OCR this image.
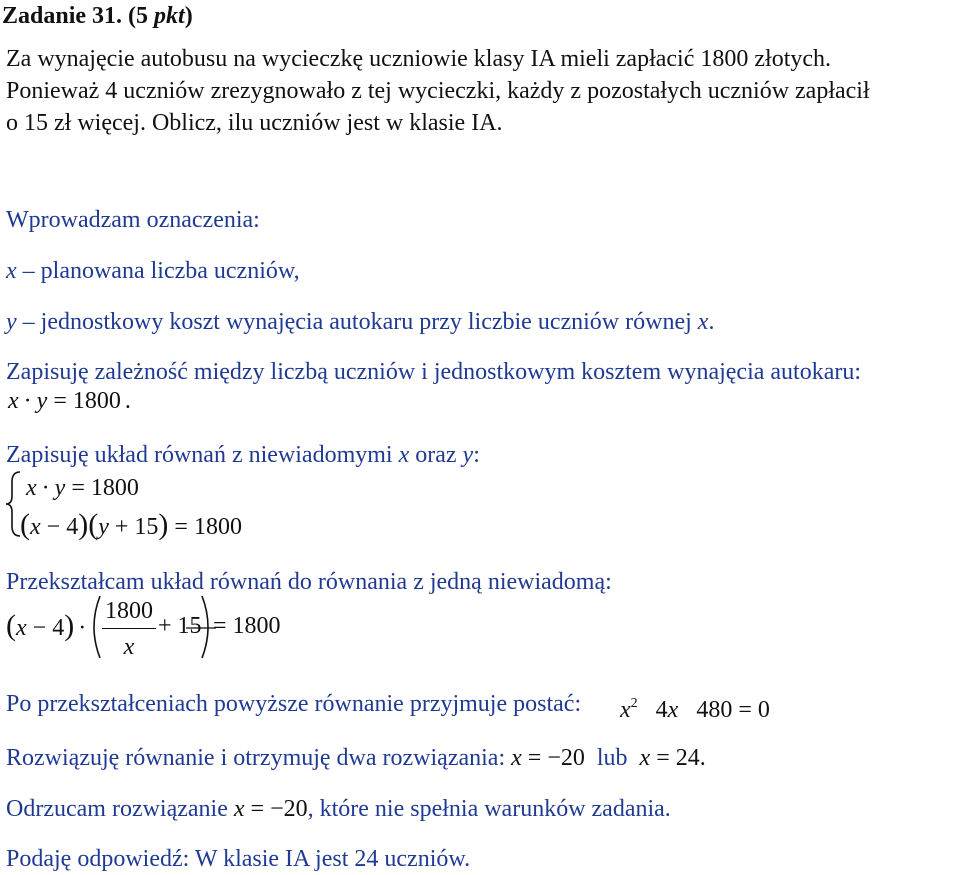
Zadanie 31. (5 pkt)
Za wynajęcie autobusu na wycieczkę uczniowie klasy IA mieli zapłacić 1800 złotych.
Ponieważ 4 uczniów zrezygnowało z tej wycieczki, każdy z pozostałych uczniów zapłacił
o 15 zł więcej. Oblicz, ilu uczniów jest w klasie IA.
Wprowadzam oznaczenia:
x – planowana liczba uczniów,
y – jednostkowy koszt wynajęcia autokaru przy liczbie uczniów równej x.
Zapisuję zależność między liczbą uczniów i jednostkowym kosztem wynajęcia autokaru:
x · y = 1800 .
Zapisuję układ równań z niewiadomymi x oraz y:
x · y = 1800
(x − 4)(y + 15) = 1800
Przekształcam układ równań do równania z jedną niewiadomą:
(x − 4) ·
1800
x
+ 15 = 1800
Po przekształceniach powyższe równanie przyjmuje postać: $x^2$   4x   480 = 0
Rozwiązuję równanie i otrzymuję dwa rozwiązania: x = −20  lub  x = 24.
Odrzucam rozwiązanie x = −20, które nie spełnia warunków zadania.
Podaję odpowiedź: W klasie IA jest 24 uczniów.
